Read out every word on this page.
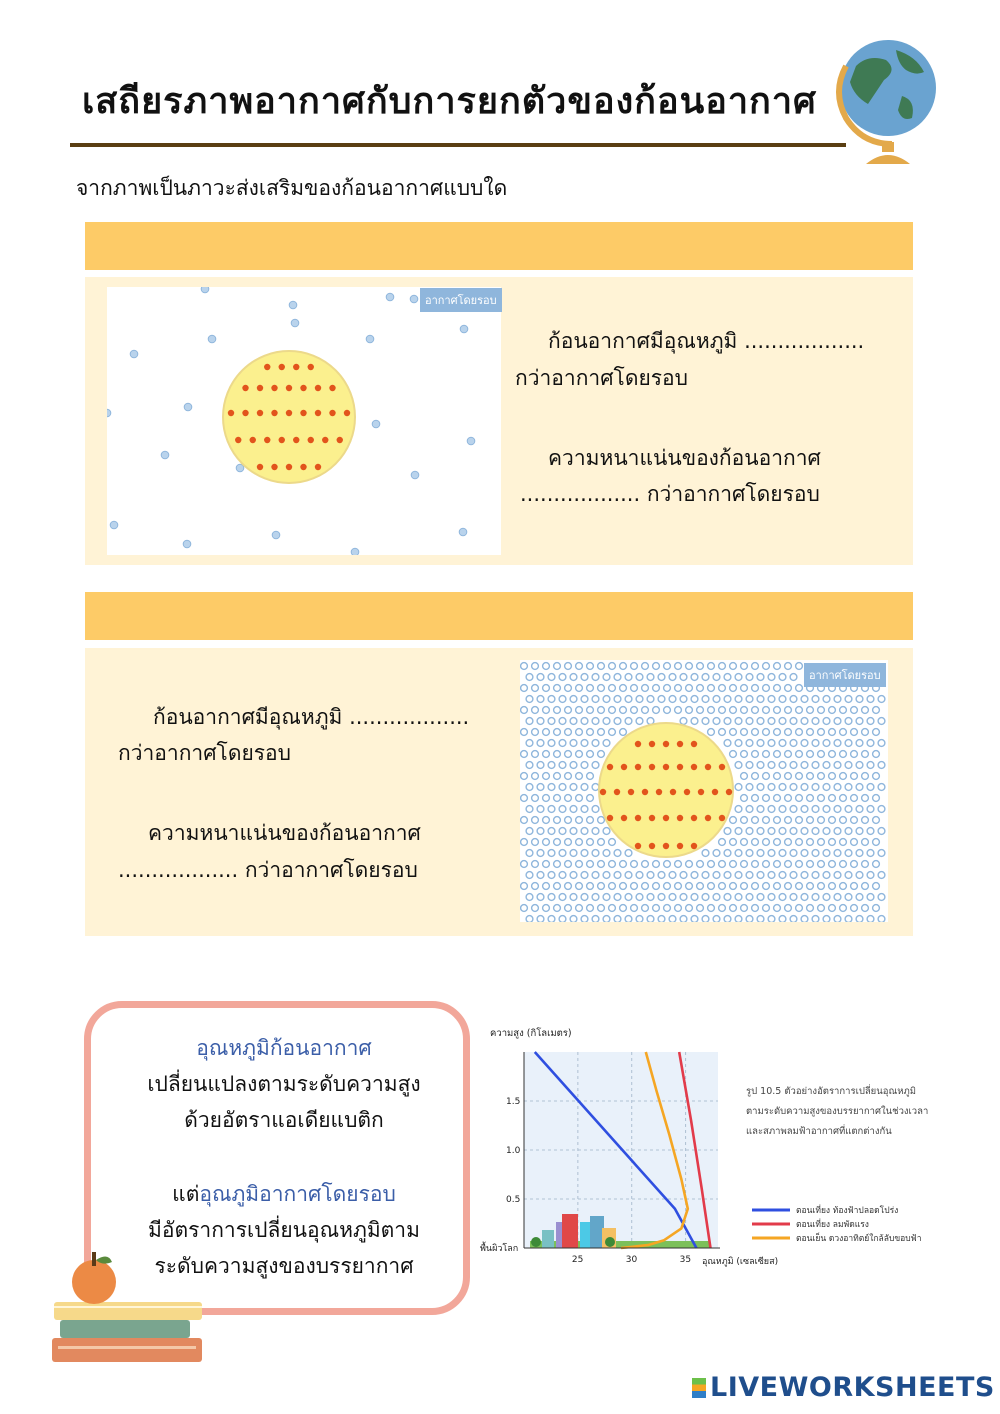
เสถียรภาพอากาศกับการยกตัวของก้อนอากาศ
จากภาพเป็นภาวะส่งเสริมของก้อนอากาศแบบใด
อากาศโดยรอบ
ก้อนอากาศมีอุณหภูมิ ..................
กว่าอากาศโดยรอบ
ความหนาแน่นของก้อนอากาศ
.................. กว่าอากาศโดยรอบ
อากาศโดยรอบ
ก้อนอากาศมีอุณหภูมิ ..................
กว่าอากาศโดยรอบ
ความหนาแน่นของก้อนอากาศ
.................. กว่าอากาศโดยรอบ
อุณหภูมิก้อนอากาศ
เปลี่ยนแปลงตามระดับความสูง
ด้วยอัตราแอเดียแบติก
แต่อุณภูมิอากาศโดยรอบ
มีอัตราการเปลี่ยนอุณหภูมิตาม
ระดับความสูงของบรรยากาศ
ความสูง (กิโลเมตร)
พื้นผิวโลก
25	30	35
0.5
1.0
1.5
อุณหภูมิ (เซลเซียส)
รูป 10.5 ตัวอย่างอัตราการเปลี่ยนอุณหภูมิ
ตามระดับความสูงของบรรยากาศในช่วงเวลา
และสภาพลมฟ้าอากาศที่แตกต่างกัน
ตอนเที่ยง ท้องฟ้าปลอดโปร่ง
ตอนเที่ยง ลมพัดแรง
ตอนเย็น ดวงอาทิตย์ใกล้ลับขอบฟ้า
LIVEWORKSHEETS
